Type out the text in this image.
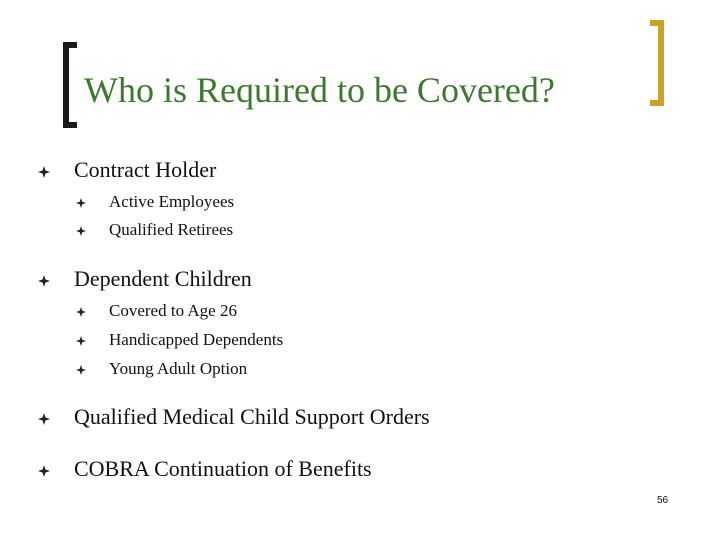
Who is Required to be Covered?
Contract Holder
Active Employees
Qualified Retirees
Dependent Children
Covered to Age 26
Handicapped Dependents
Young Adult Option
Qualified Medical Child Support Orders
COBRA Continuation of Benefits
56
